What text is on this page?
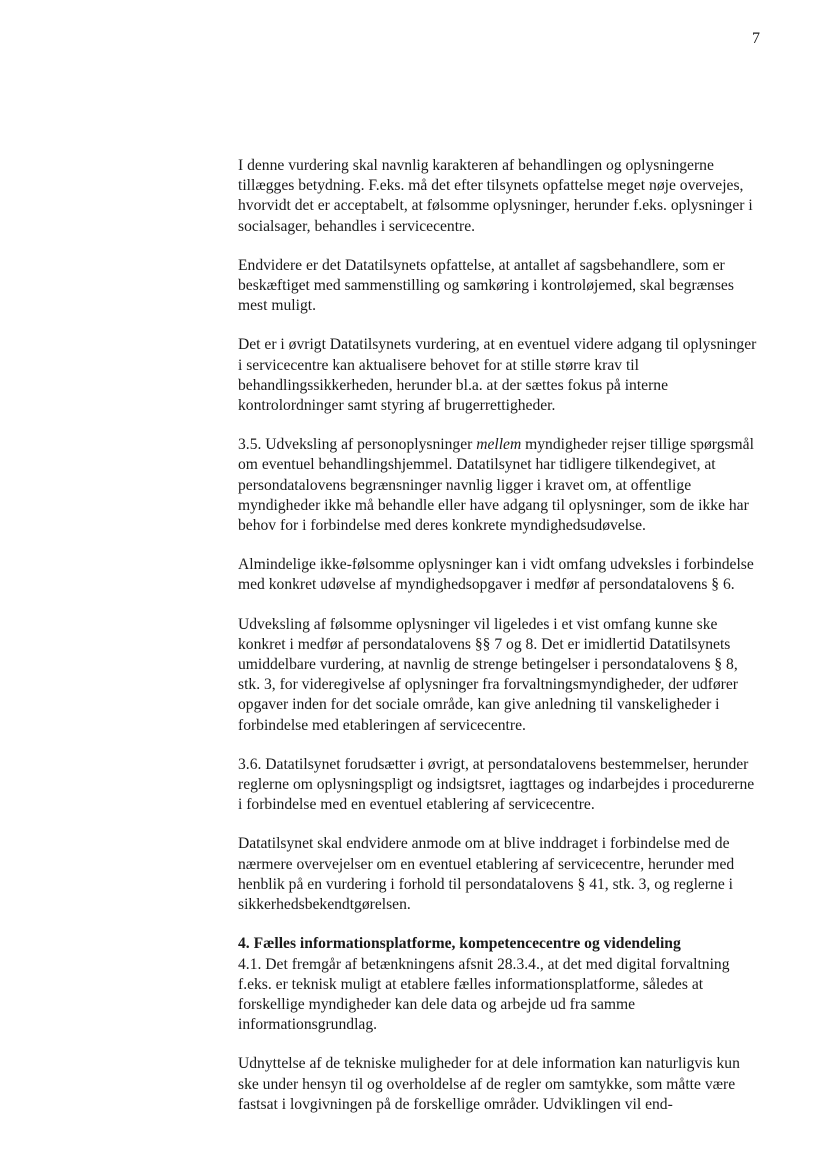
7

I denne vurdering skal navnlig karakteren af behandlingen og oplysningerne tillægges betydning. F.eks. må det efter tilsynets opfattelse meget nøje overvejes, hvorvidt det er acceptabelt, at følsomme oplysninger, herunder f.eks. oplysninger i socialsager, behandles i servicecentre.

Endvidere er det Datatilsynets opfattelse, at antallet af sagsbehandlere, som er beskæftiget med sammenstilling og samkøring i kontroløjemed, skal begrænses mest muligt.

Det er i øvrigt Datatilsynets vurdering, at en eventuel videre adgang til oplysninger i servicecentre kan aktualisere behovet for at stille større krav til behandlingssikkerheden, herunder bl.a. at der sættes fokus på interne kontrolordninger samt styring af brugerrettigheder.

3.5. Udveksling af personoplysninger mellem myndigheder rejser tillige spørgsmål om eventuel behandlingshjemmel. Datatilsynet har tidligere tilkendegivet, at persondatalovens begrænsninger navnlig ligger i kravet om, at offentlige myndigheder ikke må behandle eller have adgang til oplysninger, som de ikke har behov for i forbindelse med deres konkrete myndighedsudøvelse.

Almindelige ikke-følsomme oplysninger kan i vidt omfang udveksles i forbindelse med konkret udøvelse af myndighedsopgaver i medfør af persondatalovens § 6.

Udveksling af følsomme oplysninger vil ligeledes i et vist omfang kunne ske konkret i medfør af persondatalovens §§ 7 og 8. Det er imidlertid Datatilsynets umiddelbare vurdering, at navnlig de strenge betingelser i persondatalovens § 8, stk. 3, for videregivelse af oplysninger fra forvaltningsmyndigheder, der udfører opgaver inden for det sociale område, kan give anledning til vanskeligheder i forbindelse med etableringen af servicecentre.

3.6. Datatilsynet forudsætter i øvrigt, at persondatalovens bestemmelser, herunder reglerne om oplysningspligt og indsigtsret, iagttages og indarbejdes i procedurerne i forbindelse med en eventuel etablering af servicecentre.

Datatilsynet skal endvidere anmode om at blive inddraget i forbindelse med de nærmere overvejelser om en eventuel etablering af servicecentre, herunder med henblik på en vurdering i forhold til persondatalovens § 41, stk. 3, og reglerne i sikkerhedsbekendtgørelsen.

4. Fælles informationsplatforme, kompetencecentre og videndeling
4.1. Det fremgår af betænkningens afsnit 28.3.4., at det med digital forvaltning f.eks. er teknisk muligt at etablere fælles informationsplatforme, således at forskellige myndigheder kan dele data og arbejde ud fra samme informationsgrundlag.

Udnyttelse af de tekniske muligheder for at dele information kan naturligvis kun ske under hensyn til og overholdelse af de regler om samtykke, som måtte være fastsat i lovgivningen på de forskellige områder. Udviklingen vil end-
